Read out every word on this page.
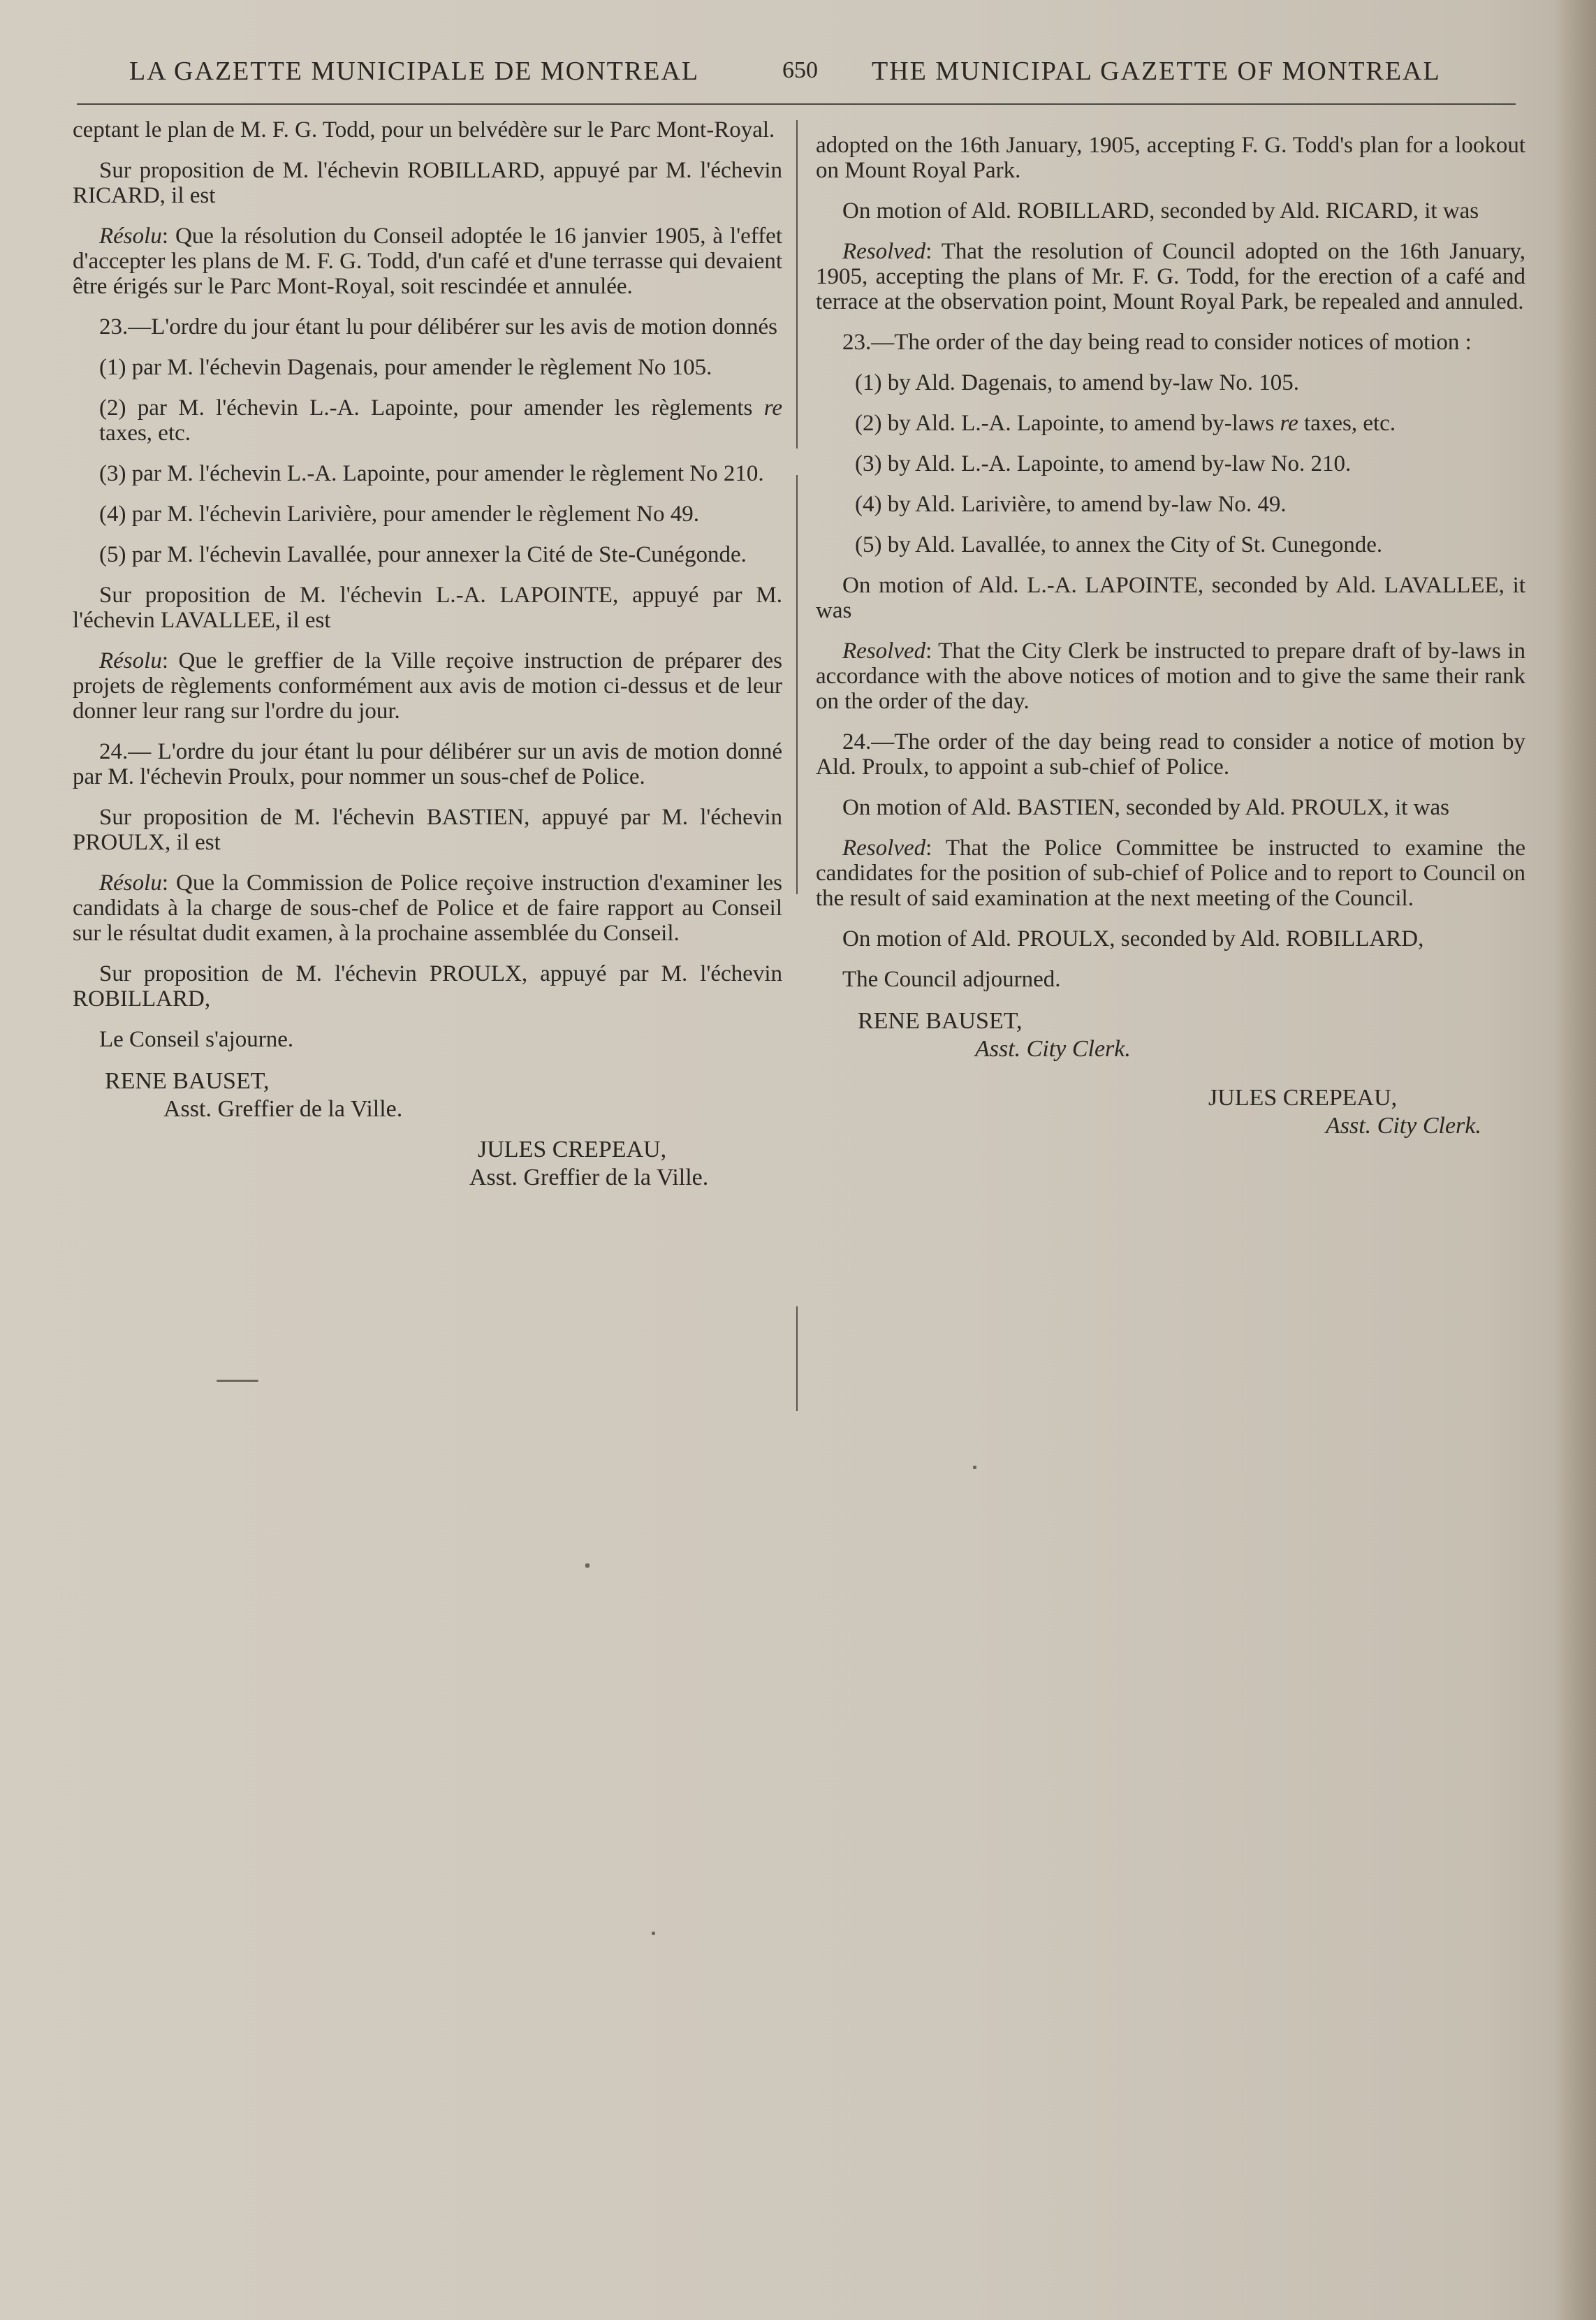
LA GAZETTE MUNICIPALE DE MONTREAL	650 THE MUNICIPAL GAZETTE OF MONTREAL

ceptant le plan de M. F. G. Todd, pour un belvédère sur le Parc Mont-Royal.

Sur proposition de M. l'échevin ROBILLARD, appuyé par M. l'échevin RICARD, il est

Résolu: Que la résolution du Conseil adoptée le 16 janvier 1905, à l'effet d'accepter les plans de M. F. G. Todd, d'un café et d'une terrasse qui devaient être érigés sur le Parc Mont-Royal, soit rescindée et annulée.

23.—L'ordre du jour étant lu pour délibérer sur les avis de motion donnés

(1) par M. l'échevin Dagenais, pour amender le règlement No 105.

(2) par M. l'échevin L.-A. Lapointe, pour amender les règlements re taxes, etc.

(3) par M. l'échevin L.-A. Lapointe, pour amender le règlement No 210.

(4) par M. l'échevin Larivière, pour amender le règlement No 49.

(5) par M. l'échevin Lavallée, pour annexer la Cité de Ste-Cunégonde.

Sur proposition de M. l'échevin L.-A. LAPOINTE, appuyé par M. l'échevin LAVALLEE, il est

Résolu: Que le greffier de la Ville reçoive instruction de préparer des projets de règlements conformément aux avis de motion ci-dessus et de leur donner leur rang sur l'ordre du jour.

24.— L'ordre du jour étant lu pour délibérer sur un avis de motion donné par M. l'échevin Proulx, pour nommer un sous-chef de Police.

Sur proposition de M. l'échevin BASTIEN, appuyé par M. l'échevin PROULX, il est

Résolu: Que la Commission de Police reçoive instruction d'examiner les candidats à la charge de sous-chef de Police et de faire rapport au Conseil sur le résultat dudit examen, à la prochaine assemblée du Conseil.

Sur proposition de M. l'échevin PROULX, appuyé par M. l'échevin ROBILLARD,

Le Conseil s'ajourne.

RENE BAUSET,

Asst. Greffier de la Ville.

JULES CREPEAU,

Asst. Greffier de la Ville.

adopted on the 16th January, 1905, accepting F. G. Todd's plan for a lookout on Mount Royal Park.

On motion of Ald. ROBILLARD, seconded by Ald. RICARD, it was

Resolved: That the resolution of Council adopted on the 16th January, 1905, accepting the plans of Mr. F. G. Todd, for the erection of a café and terrace at the observation point, Mount Royal Park, be repealed and annuled.

23.—The order of the day being read to consider notices of motion :

(1) by Ald. Dagenais, to amend by-law No. 105.

(2) by Ald. L.-A. Lapointe, to amend by-laws re taxes, etc.

(3) by Ald. L.-A. Lapointe, to amend by-law No. 210.

(4) by Ald. Larivière, to amend by-law No. 49.

(5) by Ald. Lavallée, to annex the City of St. Cunegonde.

On motion of Ald. L.-A. LAPOINTE, seconded by Ald. LAVALLEE, it was

Resolved: That the City Clerk be instructed to prepare draft of by-laws in accordance with the above notices of motion and to give the same their rank on the order of the day.

24.—The order of the day being read to consider a notice of motion by Ald. Proulx, to appoint a sub-chief of Police.

On motion of Ald. BASTIEN, seconded by Ald. PROULX, it was

Resolved: That the Police Committee be instructed to examine the candidates for the position of sub-chief of Police and to report to Council on the result of said examination at the next meeting of the Council.

On motion of Ald. PROULX, seconded by Ald. ROBILLARD,

The Council adjourned.

RENE BAUSET,

Asst. City Clerk.

JULES CREPEAU,

Asst. City Clerk.
